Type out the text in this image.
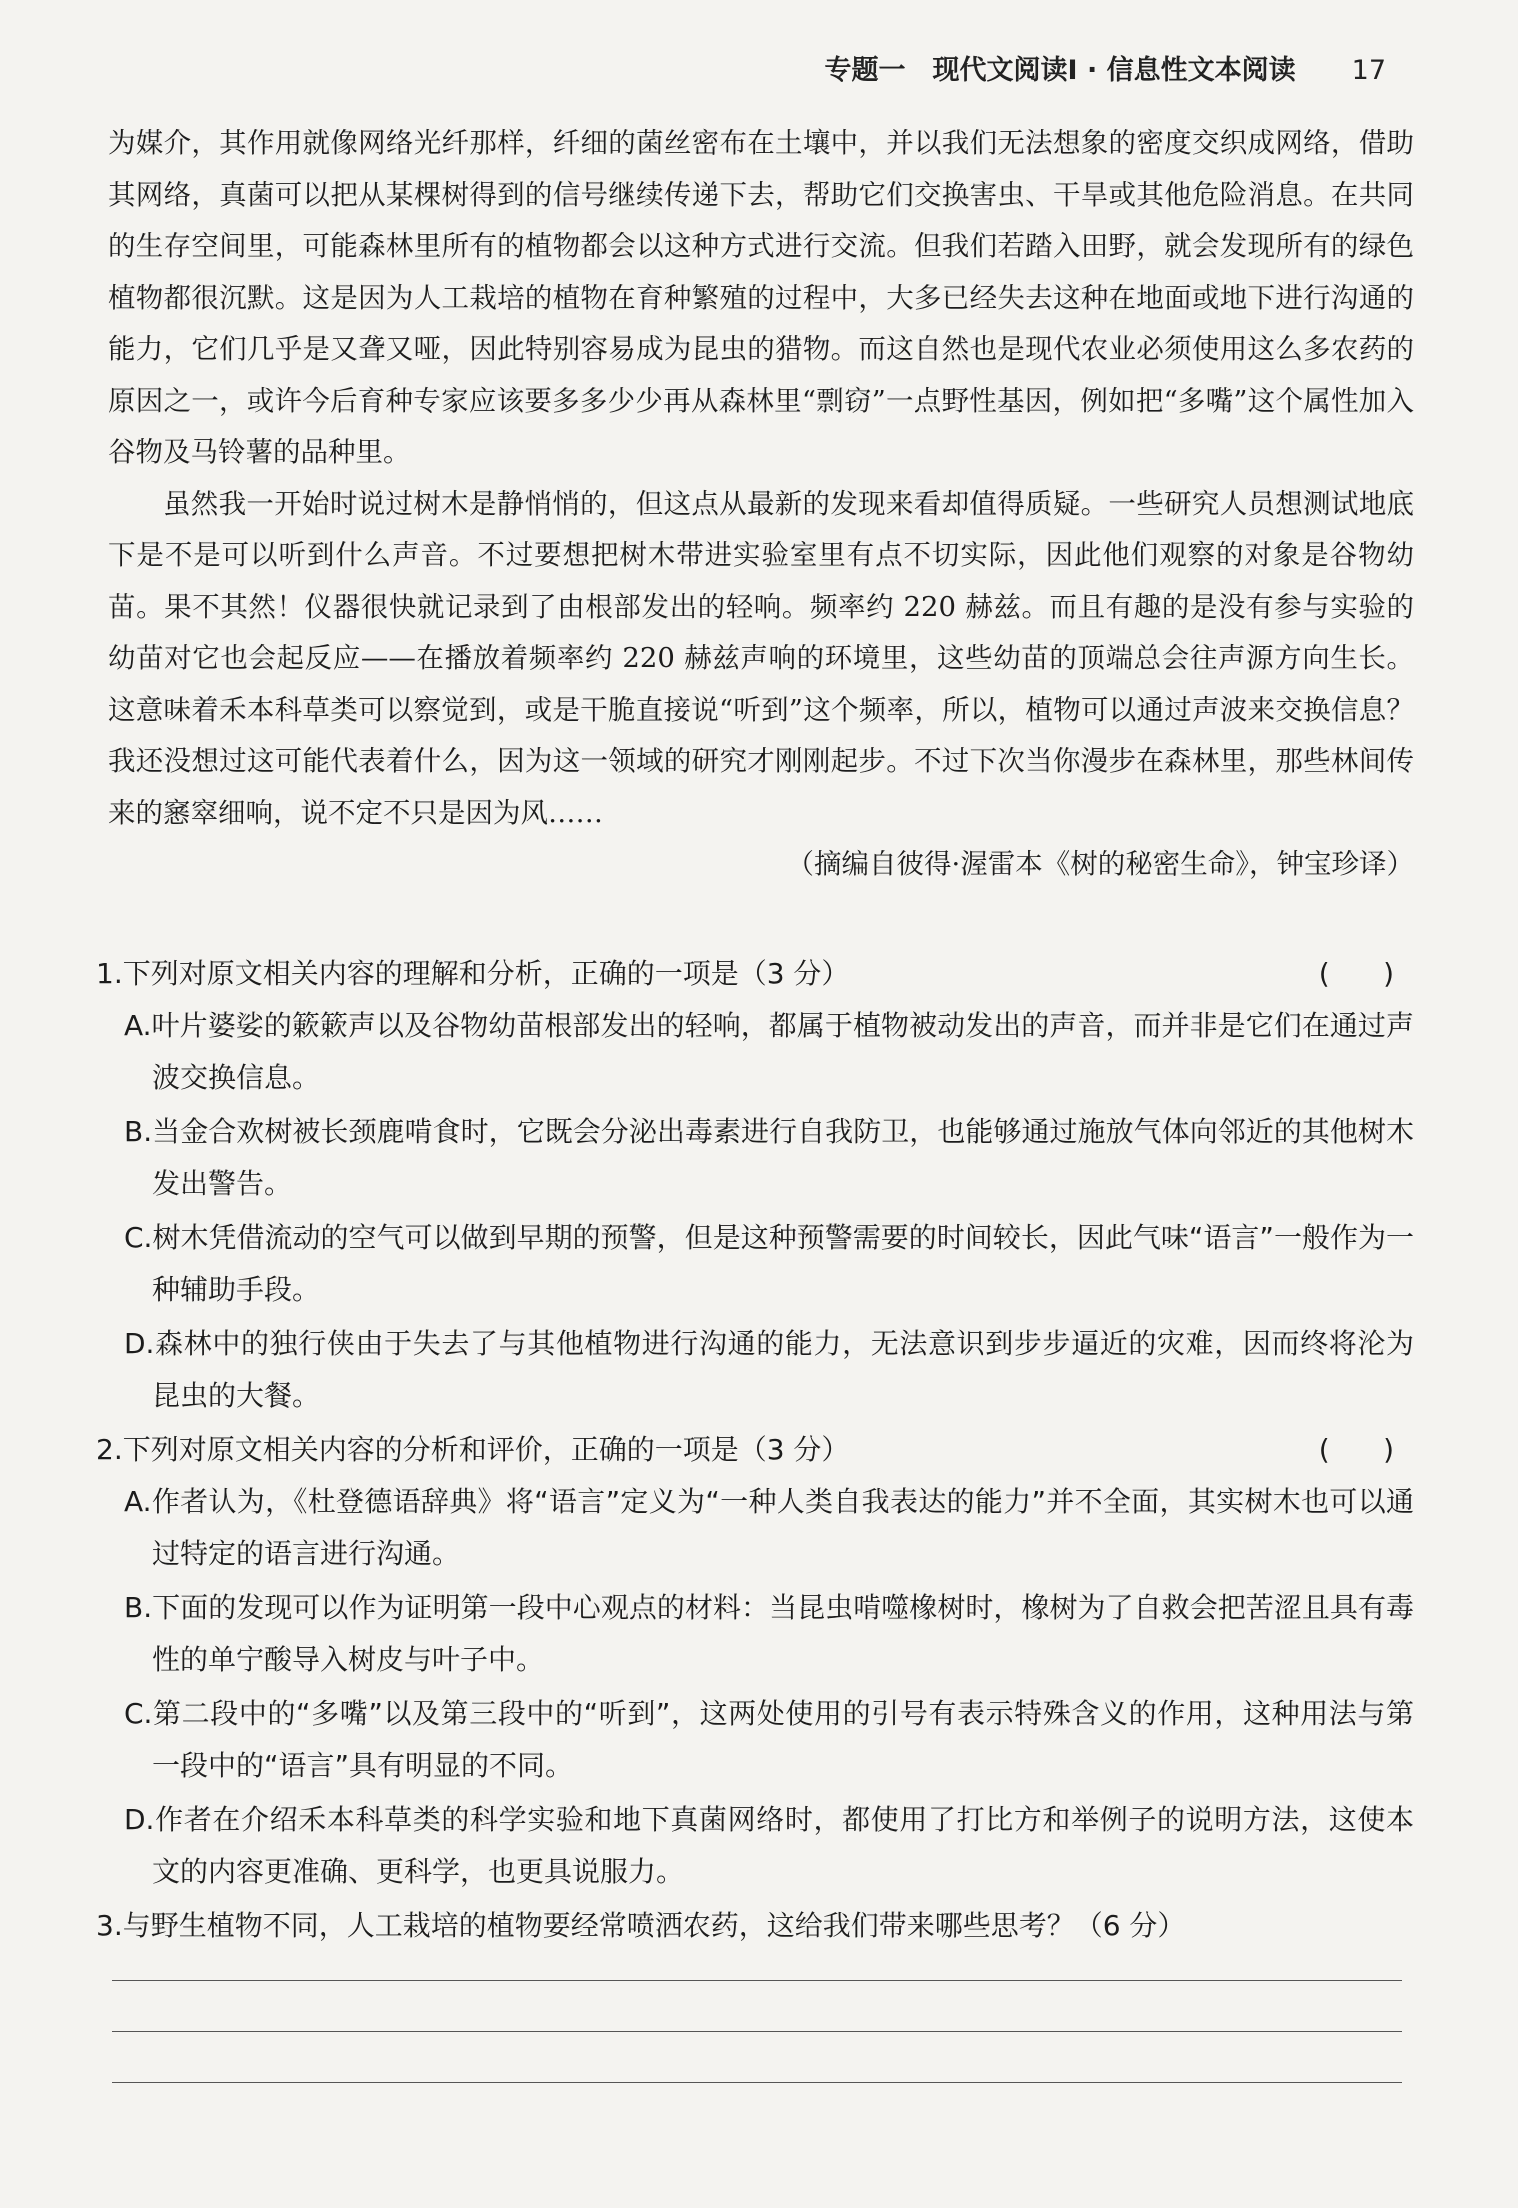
专题一　现代文阅读Ⅰ · 信息性文本阅读 17

为媒介，其作用就像网络光纤那样，纤细的菌丝密布在土壤中，并以我们无法想象的密度交织成网络，借助其网络，真菌可以把从某棵树得到的信号继续传递下去，帮助它们交换害虫、干旱或其他危险消息。在共同的生存空间里，可能森林里所有的植物都会以这种方式进行交流。但我们若踏入田野，就会发现所有的绿色植物都很沉默。这是因为人工栽培的植物在育种繁殖的过程中，大多已经失去这种在地面或地下进行沟通的能力，它们几乎是又聋又哑，因此特别容易成为昆虫的猎物。而这自然也是现代农业必须使用这么多农药的原因之一，或许今后育种专家应该要多多少少再从森林里“剽窃”一点野性基因，例如把“多嘴”这个属性加入谷物及马铃薯的品种里。

虽然我一开始时说过树木是静悄悄的，但这点从最新的发现来看却值得质疑。一些研究人员想测试地底下是不是可以听到什么声音。不过要想把树木带进实验室里有点不切实际，因此他们观察的对象是谷物幼苗。果不其然！仪器很快就记录到了由根部发出的轻响。频率约 220 赫兹。而且有趣的是没有参与实验的幼苗对它也会起反应——在播放着频率约 220 赫兹声响的环境里，这些幼苗的顶端总会往声源方向生长。这意味着禾本科草类可以察觉到，或是干脆直接说“听到”这个频率，所以，植物可以通过声波来交换信息？我还没想过这可能代表着什么，因为这一领域的研究才刚刚起步。不过下次当你漫步在森林里，那些林间传来的窸窣细响，说不定不只是因为风……

（摘编自彼得·渥雷本《树的秘密生命》，钟宝珍译）

1.下列对原文相关内容的理解和分析，正确的一项是（3 分）	(      )
A.叶片婆娑的簌簌声以及谷物幼苗根部发出的轻响，都属于植物被动发出的声音，而并非是它们在通过声波交换信息。
B.当金合欢树被长颈鹿啃食时，它既会分泌出毒素进行自我防卫，也能够通过施放气体向邻近的其他树木发出警告。
C.树木凭借流动的空气可以做到早期的预警，但是这种预警需要的时间较长，因此气味“语言”一般作为一种辅助手段。
D.森林中的独行侠由于失去了与其他植物进行沟通的能力，无法意识到步步逼近的灾难，因而终将沦为昆虫的大餐。
2.下列对原文相关内容的分析和评价，正确的一项是（3 分）	(      )
A.作者认为，《杜登德语辞典》将“语言”定义为“一种人类自我表达的能力”并不全面，其实树木也可以通过特定的语言进行沟通。
B.下面的发现可以作为证明第一段中心观点的材料：当昆虫啃噬橡树时，橡树为了自救会把苦涩且具有毒性的单宁酸导入树皮与叶子中。
C.第二段中的“多嘴”以及第三段中的“听到”，这两处使用的引号有表示特殊含义的作用，这种用法与第一段中的“语言”具有明显的不同。
D.作者在介绍禾本科草类的科学实验和地下真菌网络时，都使用了打比方和举例子的说明方法，这使本文的内容更准确、更科学，也更具说服力。
3.与野生植物不同，人工栽培的植物要经常喷洒农药，这给我们带来哪些思考？（6 分）
